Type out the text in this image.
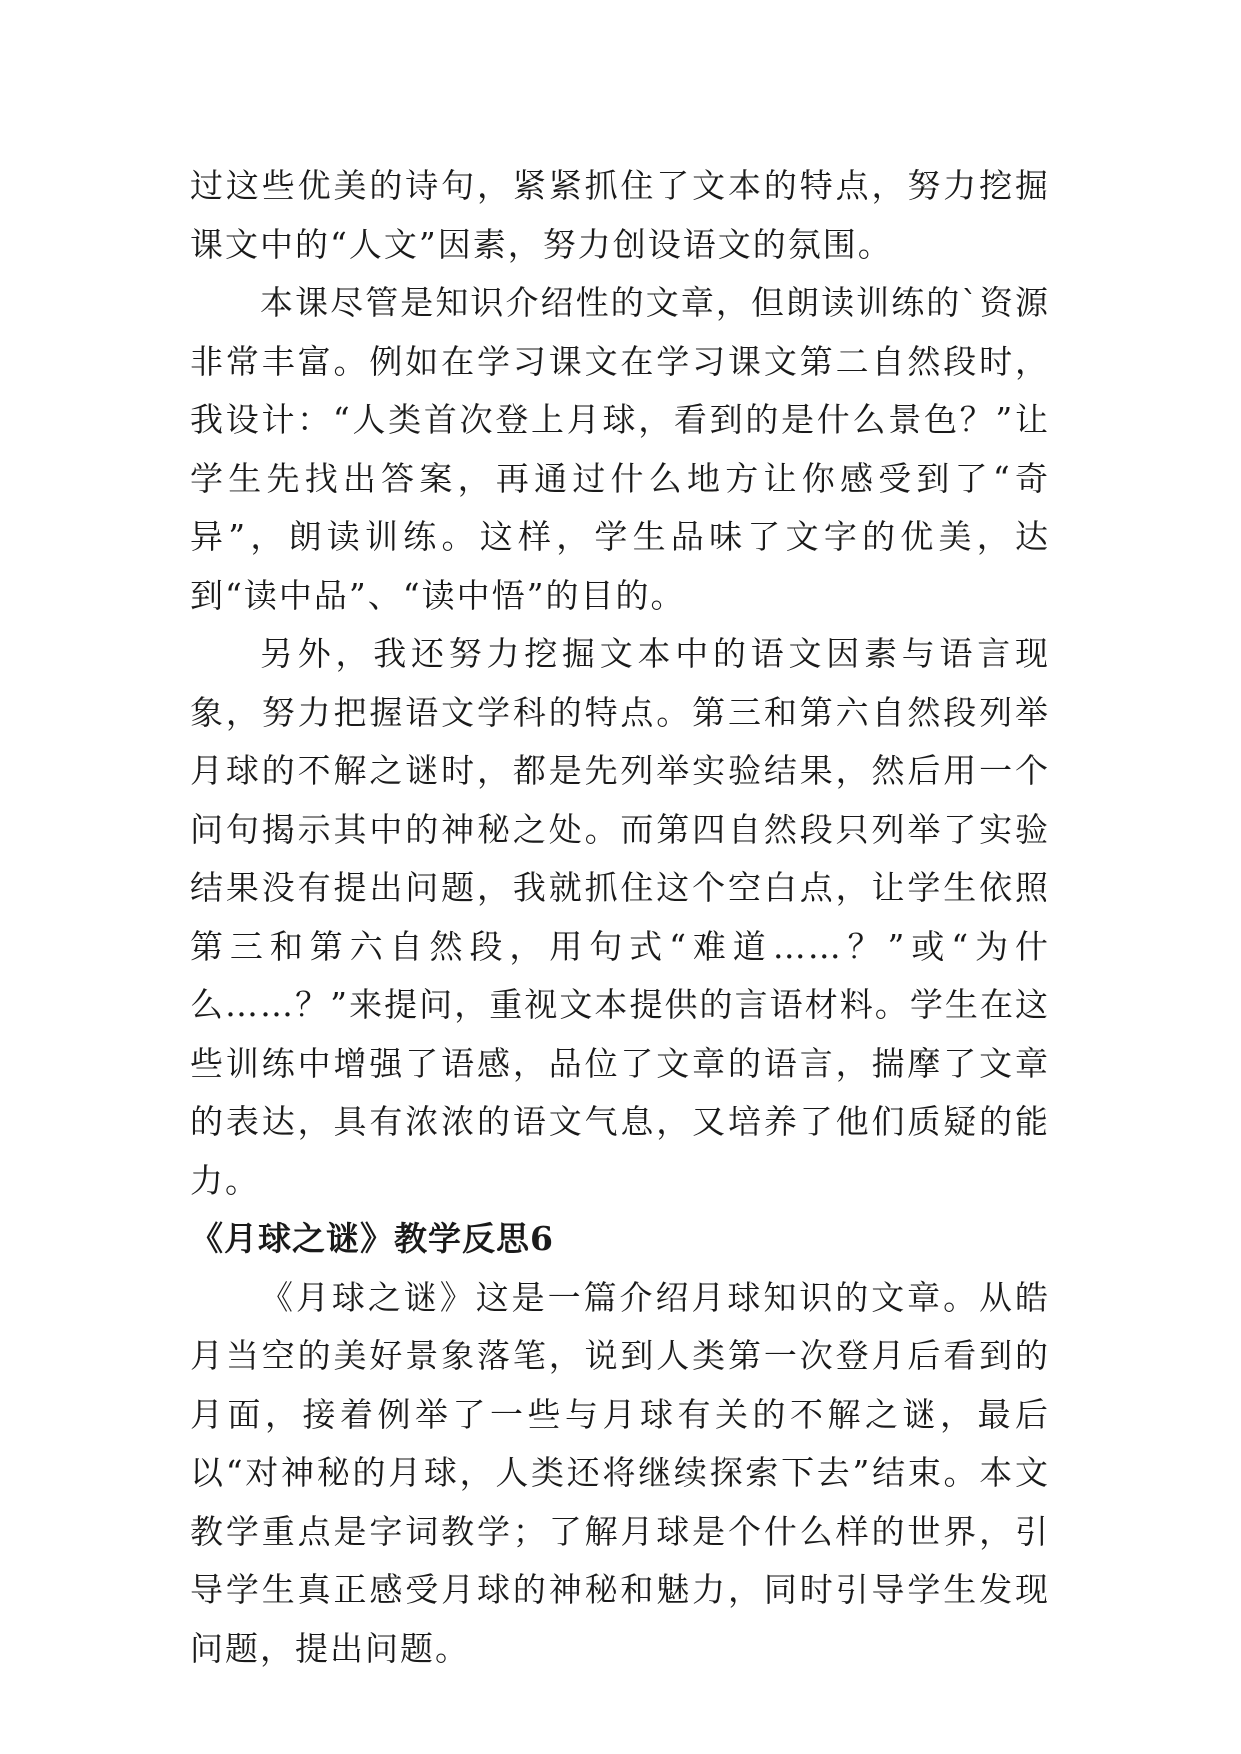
过这些优美的诗句，紧紧抓住了文本的特点，努力挖掘课文中的“人文”因素，努力创设语文的氛围。

本课尽管是知识介绍性的文章，但朗读训练的`资源非常丰富。例如在学习课文在学习课文第二自然段时，我设计：“人类首次登上月球，看到的是什么景色？”让学生先找出答案，再通过什么地方让你感受到了“奇异”，朗读训练。这样，学生品味了文字的优美，达到“读中品”、“读中悟”的目的。

另外，我还努力挖掘文本中的语文因素与语言现象，努力把握语文学科的特点。第三和第六自然段列举月球的不解之谜时，都是先列举实验结果，然后用一个问句揭示其中的神秘之处。而第四自然段只列举了实验结果没有提出问题，我就抓住这个空白点，让学生依照第三和第六自然段，用句式“难道……？”或“为什么……？”来提问，重视文本提供的言语材料。学生在这些训练中增强了语感，品位了文章的语言，揣摩了文章的表达，具有浓浓的语文气息，又培养了他们质疑的能力。

《月球之谜》教学反思6

《月球之谜》这是一篇介绍月球知识的文章。从皓月当空的美好景象落笔，说到人类第一次登月后看到的月面，接着例举了一些与月球有关的不解之谜，最后以“对神秘的月球，人类还将继续探索下去”结束。本文教学重点是字词教学；了解月球是个什么样的世界，引导学生真正感受月球的神秘和魅力，同时引导学生发现问题，提出问题。
